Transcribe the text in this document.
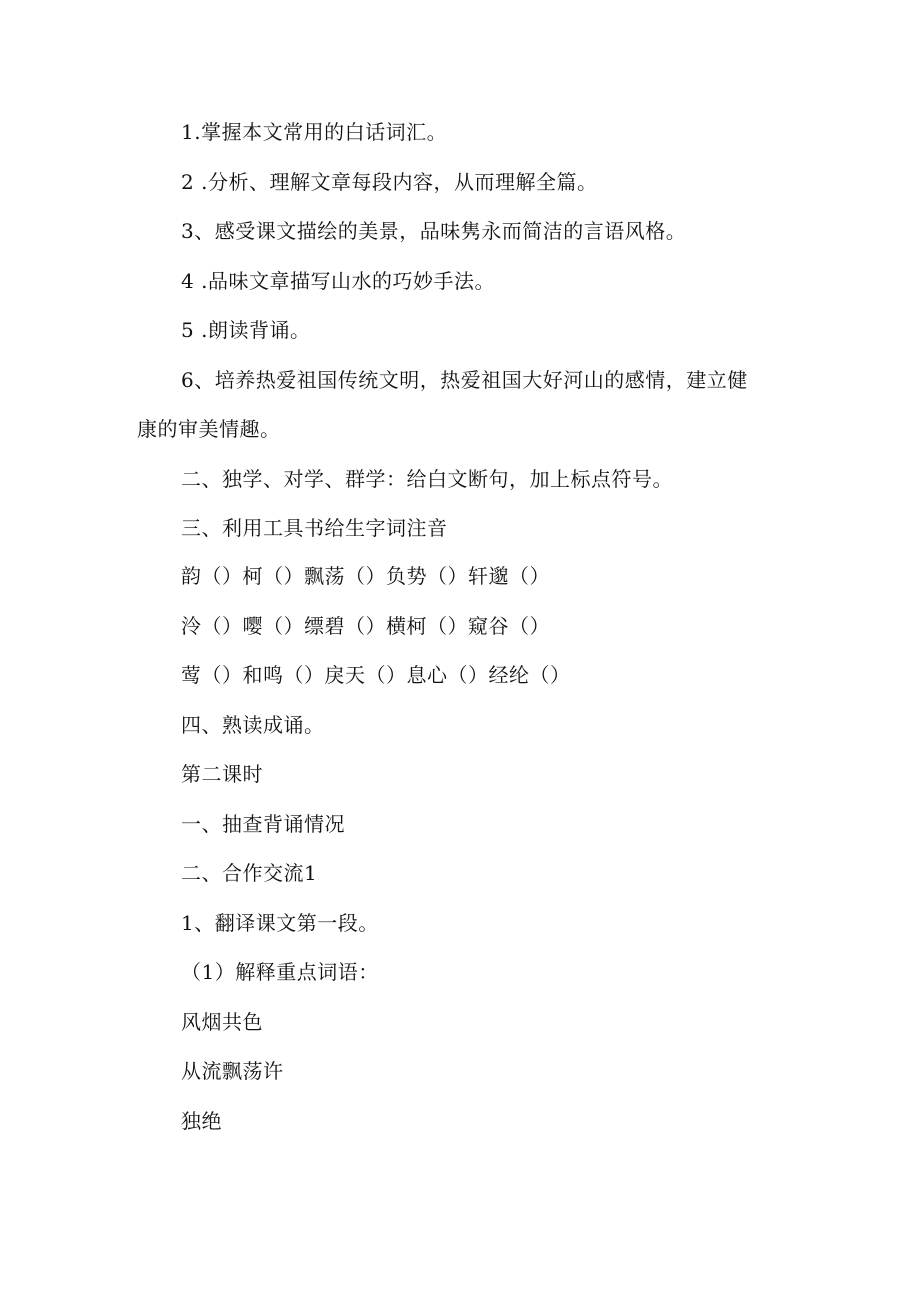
1.掌握本文常用的白话词汇。
2 .分析、理解文章每段内容，从而理解全篇。
3、感受课文描绘的美景，品味隽永而简洁的言语风格。
4 .品味文章描写山水的巧妙手法。
5 .朗读背诵。
6、培养热爱祖国传统文明，热爱祖国大好河山的感情，建立健
康的审美情趣。
二、独学、对学、群学：给白文断句，加上标点符号。
三、利用工具书给生字词注音
韵（）柯（）飘荡（）负势（）轩邈（）
泠（）嘤（）缥碧（）横柯（）窥谷（）
莺（）和鸣（）戾天（）息心（）经纶（）
四、熟读成诵。
第二课时
一、抽查背诵情况
二、合作交流1
1、翻译课文第一段。
（1）解释重点词语：
风烟共色
从流飘荡许
独绝
